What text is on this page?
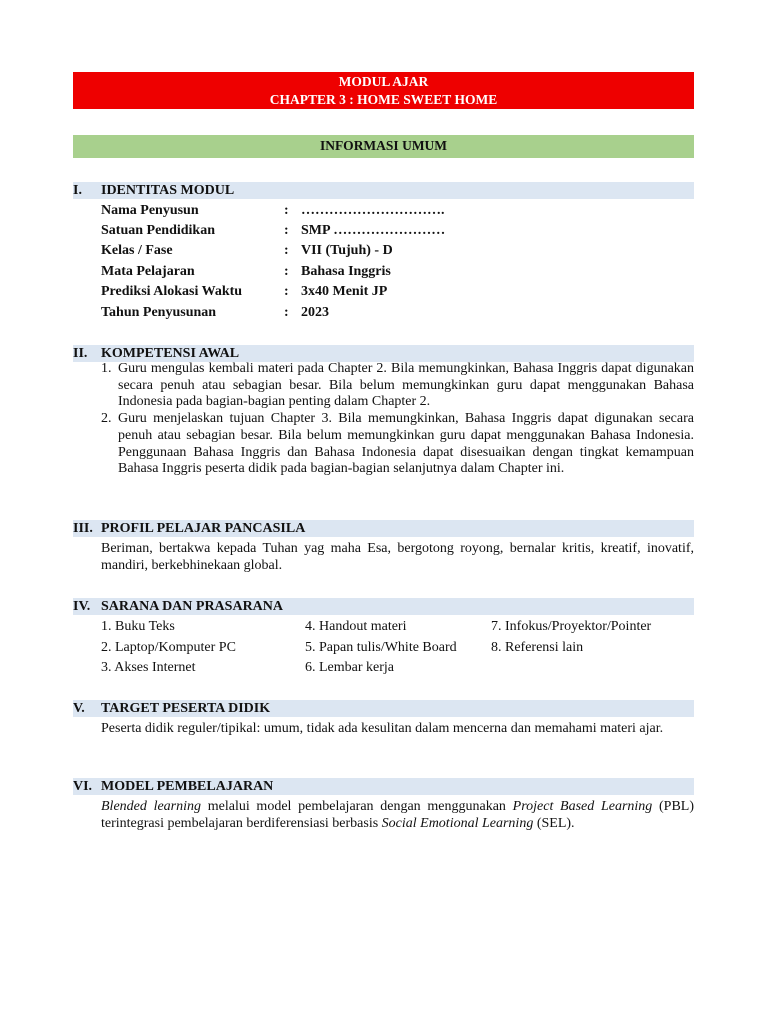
MODUL AJAR
CHAPTER 3 : HOME SWEET HOME
INFORMASI UMUM
I. IDENTITAS MODUL
Nama Penyusun	: ………………………….
Satuan Pendidikan	: SMP ……………………
Kelas / Fase	: VII (Tujuh) - D
Mata Pelajaran	: Bahasa Inggris
Prediksi Alokasi Waktu	: 3x40 Menit JP
Tahun Penyusunan	: 2023
II. KOMPETENSI AWAL
1. Guru mengulas kembali materi pada Chapter 2. Bila memungkinkan, Bahasa Inggris dapat digunakan secara penuh atau sebagian besar. Bila belum memungkinkan guru dapat menggunakan Bahasa Indonesia pada bagian-bagian penting dalam Chapter 2.
2. Guru menjelaskan tujuan Chapter 3. Bila memungkinkan, Bahasa Inggris dapat digunakan secara penuh atau sebagian besar. Bila belum memungkinkan guru dapat menggunakan Bahasa Indonesia. Penggunaan Bahasa Inggris dan Bahasa Indonesia dapat disesuaikan dengan tingkat kemampuan Bahasa Inggris peserta didik pada bagian-bagian selanjutnya dalam Chapter ini.
III. PROFIL PELAJAR PANCASILA
Beriman, bertakwa kepada Tuhan yag maha Esa, bergotong royong, bernalar kritis, kreatif, inovatif, mandiri, berkebhinekaan global.
IV. SARANA DAN PRASARANA
1. Buku Teks
2. Laptop/Komputer PC
3. Akses Internet
4. Handout materi
5. Papan tulis/White Board
6. Lembar kerja
7. Infokus/Proyektor/Pointer
8. Referensi lain
V. TARGET PESERTA DIDIK
Peserta didik reguler/tipikal: umum, tidak ada kesulitan dalam mencerna dan memahami materi ajar.
VI. MODEL PEMBELAJARAN
Blended learning melalui model pembelajaran dengan menggunakan Project Based Learning (PBL) terintegrasi pembelajaran berdiferensiasi berbasis Social Emotional Learning (SEL).
